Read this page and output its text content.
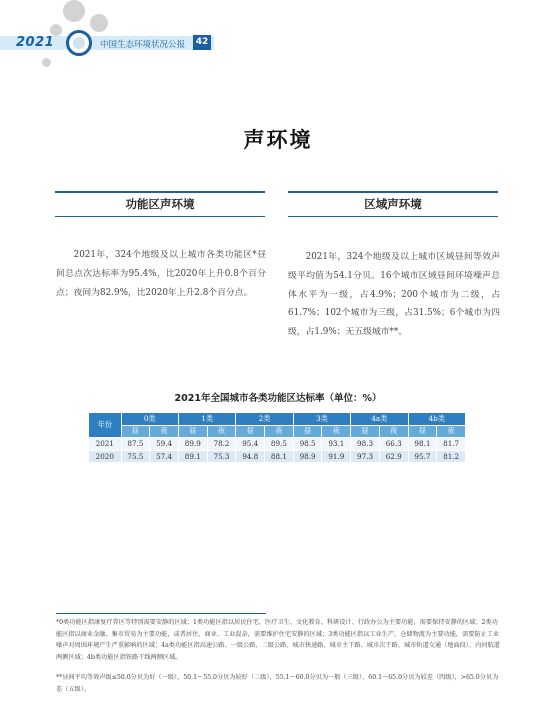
2021	中国生态环境状况公报	42
声环境
功能区声环境	区域声环境

2021年，324个地级及以上城市各类功能区*昼间总点次达标率为95.4%，比2020年上升0.8个百分点；夜间为82.9%，比2020年上升2.8个百分点。

2021年，324个地级及以上城市区域昼间等效声级平均值为54.1分贝。16个城市区域昼间环境噪声总体水平为一级，占4.9%；200个城市为二级，占61.7%；102个城市为三级，占31.5%；6个城市为四级，占1.9%；无五级城市**。

2021年全国城市各类功能区达标率（单位：%）
年份	0类		1类		2类		3类		4a类		4b类	
	昼	夜	昼	夜	昼	夜	昼	夜	昼	夜	昼	夜
2021	87.5	59.4	89.9	78.2	95.4	89.5	98.5	93.1	98.3	66.3	98.1	81.7
2020	75.5	57.4	89.1	75.3	94.8	88.1	98.9	91.9	97.3	62.9	95.7	81.2

*0类功能区指康复疗养区等特别需要安静的区域；1类功能区指以居民住宅、医疗卫生、文化教育、科研设计、行政办公为主要功能，需要保持安静的区域；2类功能区指以商业金融、集市贸易为主要功能，或者居住、商业、工业混杂，需要维护住宅安静的区域；3类功能区指以工业生产、仓储物流为主要功能，需要防止工业噪声对周围环境产生严重影响的区域；4a类功能区指高速公路、一级公路、二级公路、城市快速路、城市主干路、城市次干路、城市轨道交通（地面段）、内河航道两侧区域；4b类功能区指铁路干线两侧区域。

**昼间平均等效声级≤50.0分贝为好（一级），50.1～55.0分贝为较好（二级），55.1～60.0分贝为一般（三级），60.1～65.0分贝为较差（四级），>65.0分贝为差（五级）。
